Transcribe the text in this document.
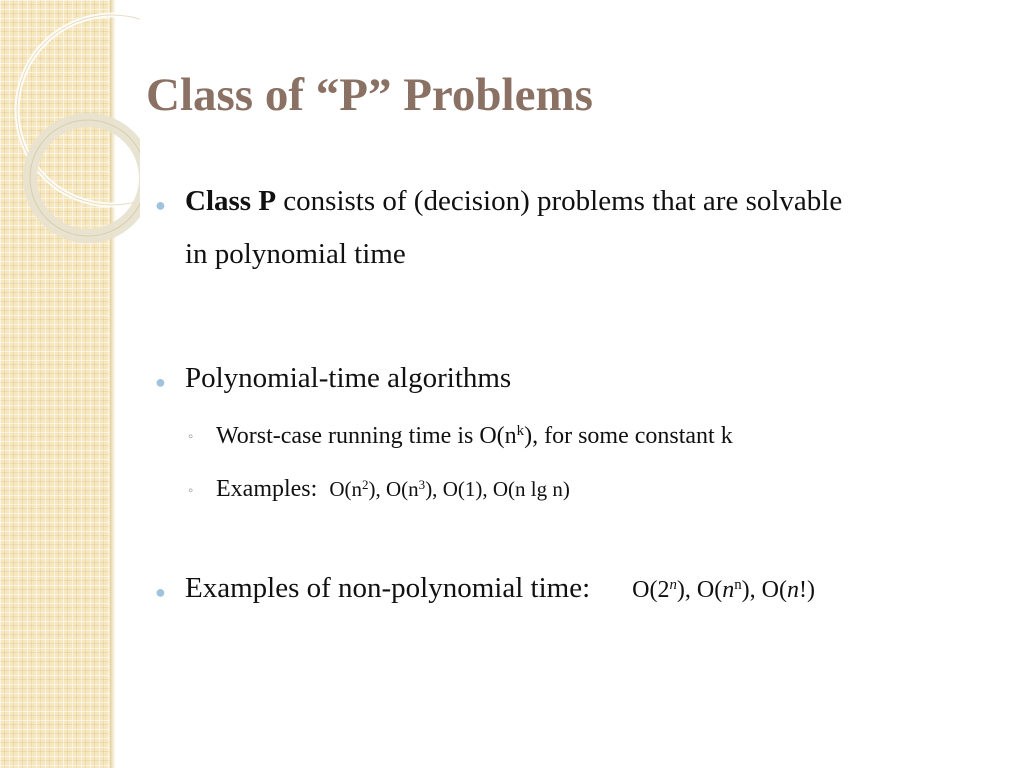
Class of “P” Problems
● Class P consists of (decision) problems that are solvable
in polynomial time
● Polynomial-time algorithms
◦ Worst-case running time is $O(n^k)$, for some constant k
◦ Examples: $O(n^2)$, $O(n^3)$, O(1), O(n lg n)
● Examples of non-polynomial time: O(2$^n$), $O(n^n)$, O(n!)
